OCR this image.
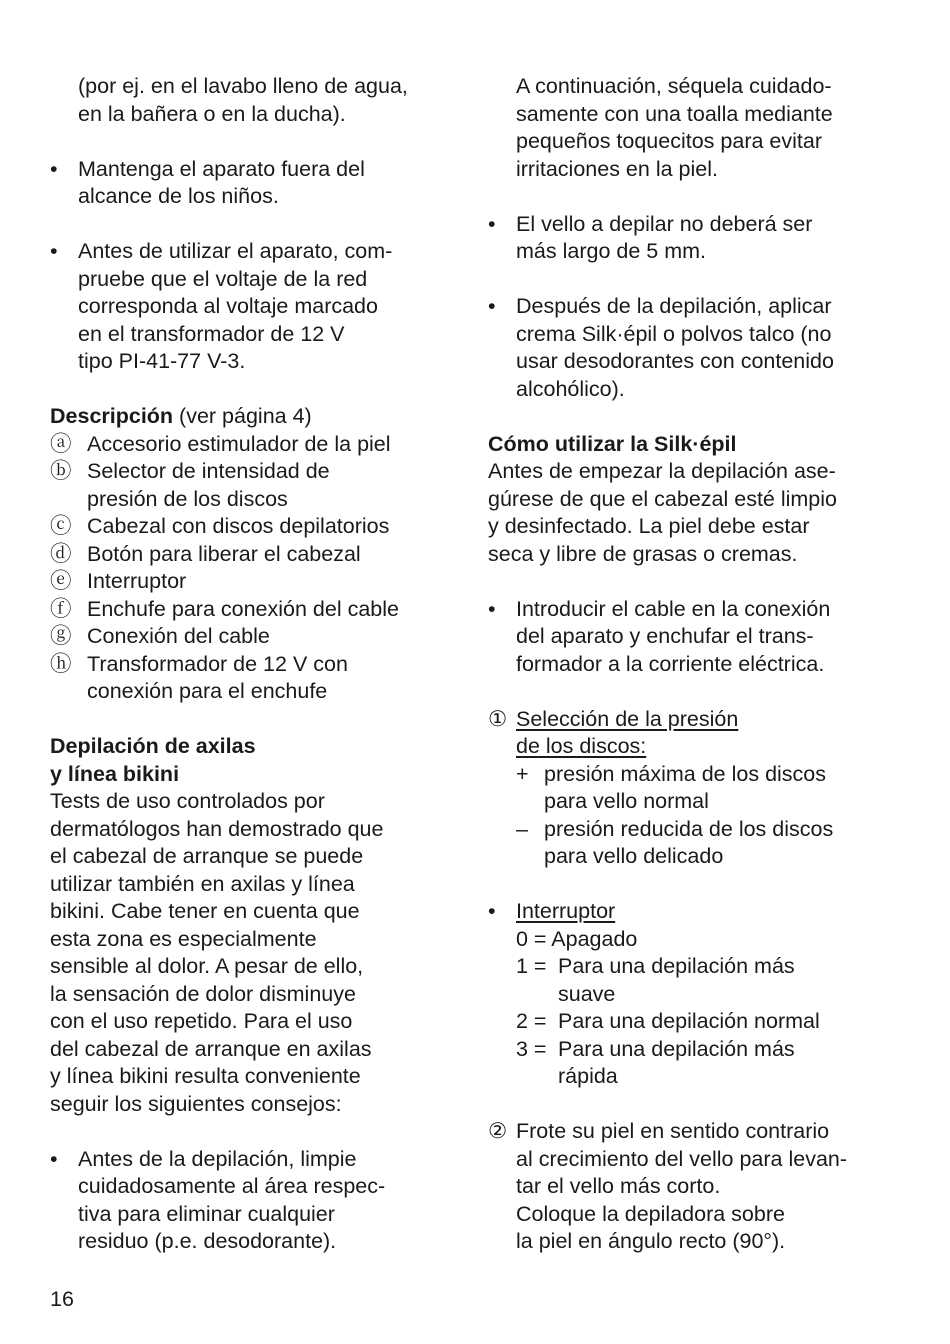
(por ej. en el lavabo lleno de agua,
en la bañera o en la ducha).
• Mantenga el aparato fuera del
alcance de los niños.
• Antes de utilizar el aparato, com-
pruebe que el voltaje de la red
corresponda al voltaje marcado
en el transformador de 12 V
tipo PI-41-77 V-3.
Descripción (ver página 4)
ⓐ Accesorio estimulador de la piel
ⓑ Selector de intensidad de
presión de los discos
ⓒ Cabezal con discos depilatorios
ⓓ Botón para liberar el cabezal
ⓔ Interruptor
ⓕ Enchufe para conexión del cable
ⓖ Conexión del cable
ⓗ Transformador de 12 V con
conexión para el enchufe
Depilación de axilas
y línea bikini
Tests de uso controlados por
dermatólogos han demostrado que
el cabezal de arranque se puede
utilizar también en axilas y línea
bikini. Cabe tener en cuenta que
esta zona es especialmente
sensible al dolor. A pesar de ello,
la sensación de dolor disminuye
con el uso repetido. Para el uso
del cabezal de arranque en axilas
y línea bikini resulta conveniente
seguir los siguientes consejos:
• Antes de la depilación, limpie
cuidadosamente al área respec-
tiva para eliminar cualquier
residuo (p.e. desodorante).
A continuación, séquela cuidado-
samente con una toalla mediante
pequeños toquecitos para evitar
irritaciones en la piel.
• El vello a depilar no deberá ser
más largo de 5 mm.
• Después de la depilación, aplicar
crema Silk·épil o polvos talco (no
usar desodorantes con contenido
alcohólico).
Cómo utilizar la Silk·épil
Antes de empezar la depilación ase-
gúrese de que el cabezal esté limpio
y desinfectado. La piel debe estar
seca y libre de grasas o cremas.
• Introducir el cable en la conexión
del aparato y enchufar el trans-
formador a la corriente eléctrica.
① Selección de la presión
de los discos:
+ presión máxima de los discos
para vello normal
– presión reducida de los discos
para vello delicado
• Interruptor
0 = Apagado
1 = Para una depilación más
suave
2 = Para una depilación normal
3 = Para una depilación más
rápida
② Frote su piel en sentido contrario
al crecimiento del vello para levan-
tar el vello más corto.
Coloque la depiladora sobre
la piel en ángulo recto (90°).
16
